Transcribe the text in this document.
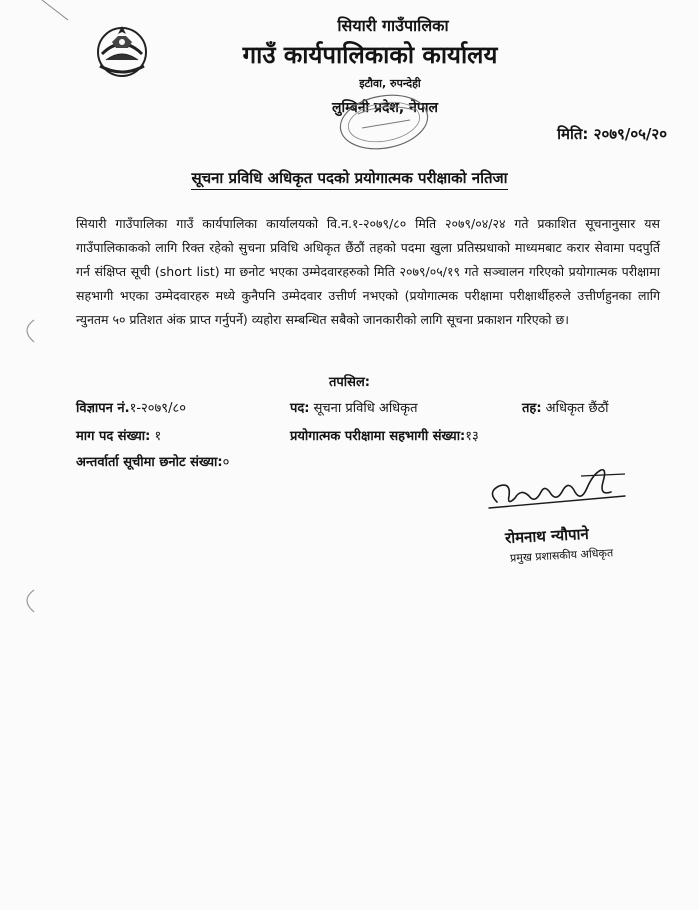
सियारी गाउँपालिका
गाउँ कार्यपालिकाको कार्यालय
इटौवा, रुपन्देही
लुम्बिनी प्रदेश, नेपाल
मिति: २०७९/०५/२०
सूचना प्रविधि अधिकृत पदको प्रयोगात्मक परीक्षाको नतिजा
सियारी गाउँपालिका गाउँ कार्यपालिका कार्यालयको वि.न.१-२०७९/८० मिति २०७९/०४/२४ गते प्रकाशित सूचनानुसार यस गाउँपालिकाकको लागि रिक्त रहेको सुचना प्रविधि अधिकृत छैंठौं तहको पदमा खुला प्रतिस्प्रधाको माध्यमबाट करार सेवामा पदपुर्ति गर्न संक्षिप्त सूची (short list) मा छनोट भएका उम्मेदवारहरुको मिति २०७९/०५/१९ गते सञ्चालन गरिएको प्रयोगात्मक परीक्षामा सहभागी भएका उम्मेदवारहरु मध्ये कुनैपनि उम्मेदवार उत्तीर्ण नभएको (प्रयोगात्मक परीक्षामा परीक्षार्थीहरुले उत्तीर्णहुनका लागि न्युनतम ५० प्रतिशत अंक प्राप्त गर्नुपर्ने) व्यहोरा सम्बन्धित सबैको जानकारीको लागि सूचना प्रकाशन गरिएको छ।
तपसिल:
विज्ञापन नं.१-२०७९/८०	पद: सूचना प्रविधि अधिकृत	तह: अधिकृत छैंठौं
माग पद संख्या: १	प्रयोगात्मक परीक्षामा सहभागी संख्या:१३
अन्तर्वार्ता सूचीमा छनोट संख्या:०
रोमनाथ न्यौपाने
प्रमुख प्रशासकीय अधिकृत
